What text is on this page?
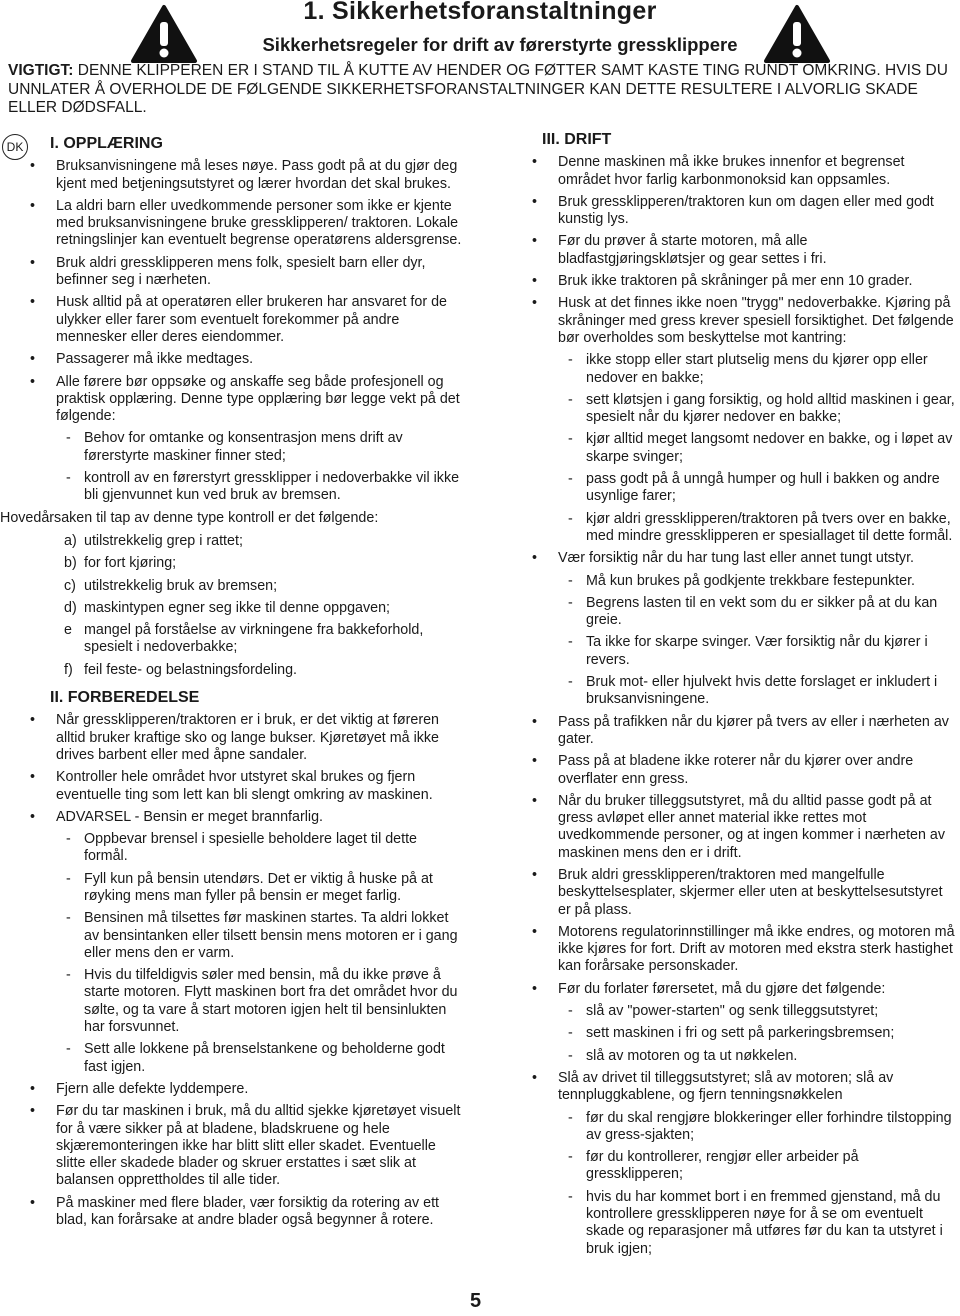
1. Sikkerhetsforanstaltninger
Sikkerhetsregeler for drift av førerstyrte gressklippere

VIGTIGT: DENNE KLIPPEREN ER I STAND TIL Å KUTTE AV HENDER OG FØTTER SAMT KASTE TING RUNDT OMKRING. HVIS DU UNNLATER Å OVERHOLDE DE FØLGENDE SIKKERHETSFORANSTALTNINGER KAN DETTE RESULTERE I ALVORLIG SKADE ELLER DØDSFALL.

DK I. OPPLÆRING

• Bruksanvisningene må leses nøye. Pass godt på at du gjør deg kjent med betjeningsutstyret og lærer hvordan det skal brukes.

• La aldri barn eller uvedkommende personer som ikke er kjente med bruksanvisningene bruke gressklipperen/ traktoren. Lokale retningslinjer kan eventuelt begrense operatørens aldersgrense.

• Bruk aldri gressklipperen mens folk, spesielt barn eller dyr, befinner seg i nærheten.

• Husk alltid på at operatøren eller brukeren har ansvaret for de ulykker eller farer som eventuelt forekommer på andre mennesker eller deres eiendommer.

• Passagerer må ikke medtages.

• Alle førere bør oppsøke og anskaffe seg både profesjonell og praktisk opplæring. Denne type opplæring bør legge vekt på det følgende:

- Behov for omtanke og konsentrasjon mens drift av førerstyrte maskiner finner sted;

- kontroll av en førerstyrt gressklipper i nedoverbakke vil ikke bli gjenvunnet kun ved bruk av bremsen.

Hovedårsaken til tap av denne type kontroll er det følgende:

a) utilstrekkelig grep i rattet;

b) for fort kjøring;

c) utilstrekkelig bruk av bremsen;

d) maskintypen egner seg ikke til denne oppgaven;

e mangel på forståelse av virkningene fra bakkeforhold, spesielt i nedoverbakke;

f) feil feste- og belastningsfordeling.

II. FORBEREDELSE

• Når gressklipperen/traktoren er i bruk, er det viktig at føreren alltid bruker kraftige sko og lange bukser. Kjøretøyet må ikke drives barbent eller med åpne sandaler.

• Kontroller hele området hvor utstyret skal brukes og fjern eventuelle ting som lett kan bli slengt omkring av maskinen.

• ADVARSEL - Bensin er meget brannfarlig.

- Oppbevar brensel i spesielle beholdere laget til dette formål.

- Fyll kun på bensin utendørs. Det er viktig å huske på at røyking mens man fyller på bensin er meget farlig.

- Bensinen må tilsettes før maskinen startes. Ta aldri lokket av bensintanken eller tilsett bensin mens motoren er i gang eller mens den er varm.

- Hvis du tilfeldigvis søler med bensin, må du ikke prøve å starte motoren. Flytt maskinen bort fra det området hvor du sølte, og ta vare å start motoren igjen helt til bensinlukten har forsvunnet.

- Sett alle lokkene på brenselstankene og beholderne godt fast igjen.

• Fjern alle defekte lyddempere.

• Før du tar maskinen i bruk, må du alltid sjekke kjøretøyet visuelt for å være sikker på at bladene, bladskruene og hele skjæremonteringen ikke har blitt slitt eller skadet. Eventuelle slitte eller skadede blader og skruer erstattes i sæt slik at balansen opprettholdes til alle tider.

• På maskiner med flere blader, vær forsiktig da rotering av ett blad, kan forårsake at andre blader også begynner å rotere.

III. DRIFT

• Denne maskinen må ikke brukes innenfor et begrenset området hvor farlig karbonmonoksid kan oppsamles.

• Bruk gressklipperen/traktoren kun om dagen eller med godt kunstig lys.

• Før du prøver å starte motoren, må alle bladfastgjøringskløtsjer og gear settes i fri.

• Bruk ikke traktoren på skråninger på mer enn 10 grader.

• Husk at det finnes ikke noen "trygg" nedoverbakke. Kjøring på skråninger med gress krever spesiell forsiktighet. Det følgende bør overholdes som beskyttelse mot kantring:

- ikke stopp eller start plutselig mens du kjører opp eller nedover en bakke;

- sett kløtsjen i gang forsiktig, og hold alltid maskinen i gear, spesielt når du kjører nedover en bakke;

- kjør alltid meget langsomt nedover en bakke, og i løpet av skarpe svinger;

- pass godt på å unngå humper og hull i bakken og andre usynlige farer;

- kjør aldri gressklipperen/traktoren på tvers over en bakke, med mindre gressklipperen er spesiallaget til dette formål.

• Vær forsiktig når du har tung last eller annet tungt utstyr.

- Må kun brukes på godkjente trekkbare festepunkter.

- Begrens lasten til en vekt som du er sikker på at du kan greie.

- Ta ikke for skarpe svinger. Vær forsiktig når du kjører i revers.

- Bruk mot- eller hjulvekt hvis dette forslaget er inkludert i bruksanvisningene.

• Pass på trafikken når du kjører på tvers av eller i nærheten av gater.

• Pass på at bladene ikke roterer når du kjører over andre overflater enn gress.

• Når du bruker tilleggsutstyret, må du alltid passe godt på at gress avløpet eller annet material ikke rettes mot uvedkommende personer, og at ingen kommer i nærheten av maskinen mens den er i drift.

• Bruk aldri gressklipperen/traktoren med mangelfulle beskyttelsesplater, skjermer eller uten at beskyttelsesutstyret er på plass.

• Motorens regulatorinnstillinger må ikke endres, og motoren må ikke kjøres for fort. Drift av motoren med ekstra sterk hastighet kan forårsake personskader.

• Før du forlater førersetet, må du gjøre det følgende:

- slå av "power-starten" og senk tilleggsutstyret;

- sett maskinen i fri og sett på parkeringsbremsen;

- slå av motoren og ta ut nøkkelen.

• Slå av drivet til tilleggsutstyret; slå av motoren; slå av tennpluggkablene, og fjern tenningsnøkkelen

- før du skal rengjøre blokkeringer eller forhindre tilstopping av gress-sjakten;

- før du kontrollerer, rengjør eller arbeider på gressklipperen;

- hvis du har kommet bort i en fremmed gjenstand, må du kontrollere gressklipperen nøye for å se om eventuelt skade og reparasjoner må utføres før du kan ta utstyret i bruk igjen;

5
